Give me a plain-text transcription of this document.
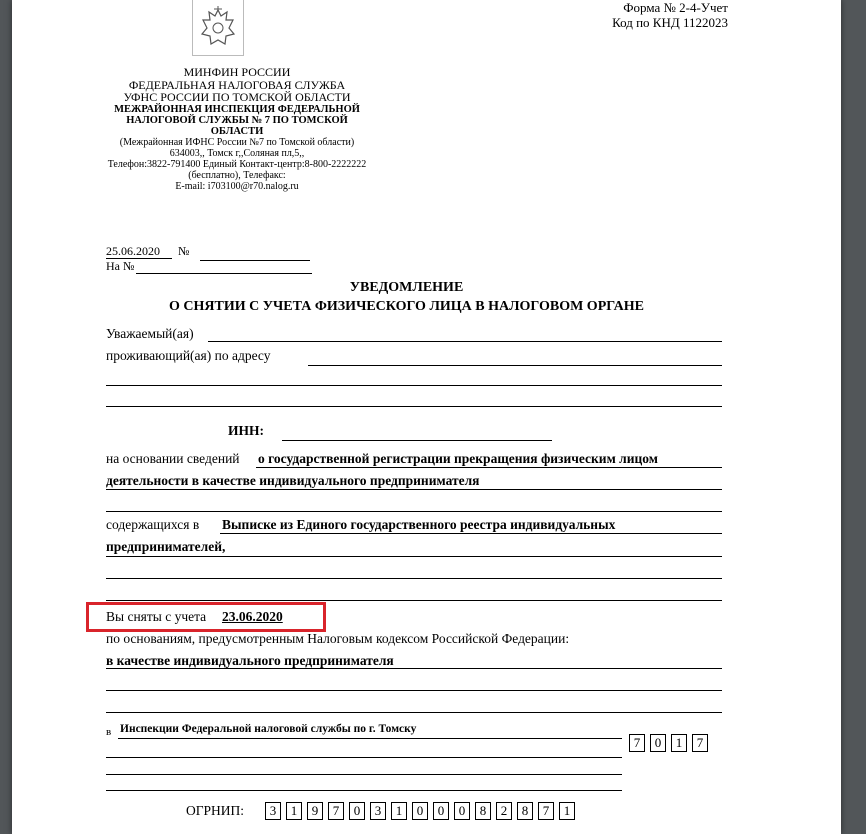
Форма № 2-4-Учет
Код по КНД 1122023
МИНФИН РОССИИ
ФЕДЕРАЛЬНАЯ НАЛОГОВАЯ СЛУЖБА
УФНС РОССИИ ПО ТОМСКОЙ ОБЛАСТИ
МЕЖРАЙОННАЯ ИНСПЕКЦИЯ ФЕДЕРАЛЬНОЙ
НАЛОГОВОЙ СЛУЖБЫ № 7 ПО ТОМСКОЙ
ОБЛАСТИ
(Межрайонная ИФНС России №7 по Томской области)
634003,, Томск г,,Соляная пл,5,,
Телефон:3822-791400 Единый Контакт-центр:8-800-2222222
(бесплатно), Телефакс:
E-mail: i703100@r70.nalog.ru
25.06.2020 №
На №
УВЕДОМЛЕНИЕ
О СНЯТИИ С УЧЕТА ФИЗИЧЕСКОГО ЛИЦА В НАЛОГОВОМ ОРГАНЕ
Уважаемый(ая)
проживающий(ая) по адресу
ИНН:
на основании сведений о государственной регистрации прекращения физическим лицом
деятельности в качестве индивидуального предпринимателя
содержащихся в Выписке из Единого государственного реестра индивидуальных
предпринимателей,
Вы сняты с учета 23.06.2020
по основаниям, предусмотренным Налоговым кодексом Российской Федерации:
в качестве индивидуального предпринимателя
в Инспекции Федеральной налоговой службы по г. Томску
7	0	1	7
ОГРНИП:	3	1	9	7	0	3	1	0	0	0	8	2	8	7	1
